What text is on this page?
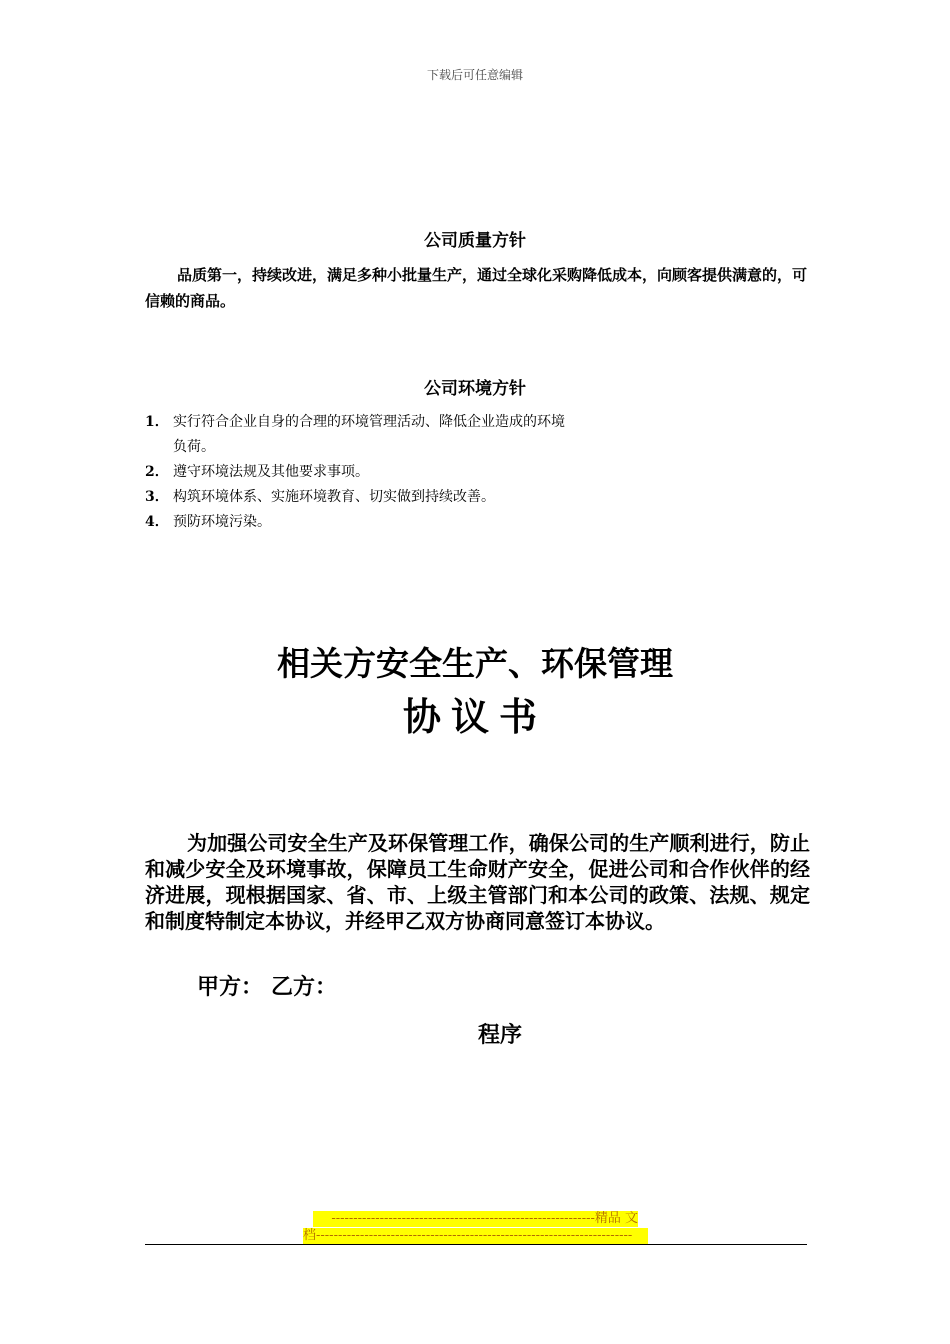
下载后可任意编辑
公司质量方针
品质第一，持续改进，满足多种小批量生产，通过全球化采购降低成本，向顾客提供满意的，可信赖的商品。
公司环境方针
1． 实行符合企业自身的合理的环境管理活动、降低企业造成的环境负荷。
2． 遵守环境法规及其他要求事项。
3． 构筑环境体系、实施环境教育、切实做到持续改善。
4． 预防环境污染。
相关方安全生产、环保管理
协议书
为加强公司安全生产及环保管理工作，确保公司的生产顺利进行，防止和减少安全及环境事故，保障员工生命财产安全，促进公司和合作伙伴的经济进展，现根据国家、省、市、上级主管部门和本公司的政策、法规、规定和制度特制定本协议，并经甲乙双方协商同意签订本协议。
甲方： 乙方：
程序
------------------------------------------------------------精品 文
档------------------------------------------------------------------------
